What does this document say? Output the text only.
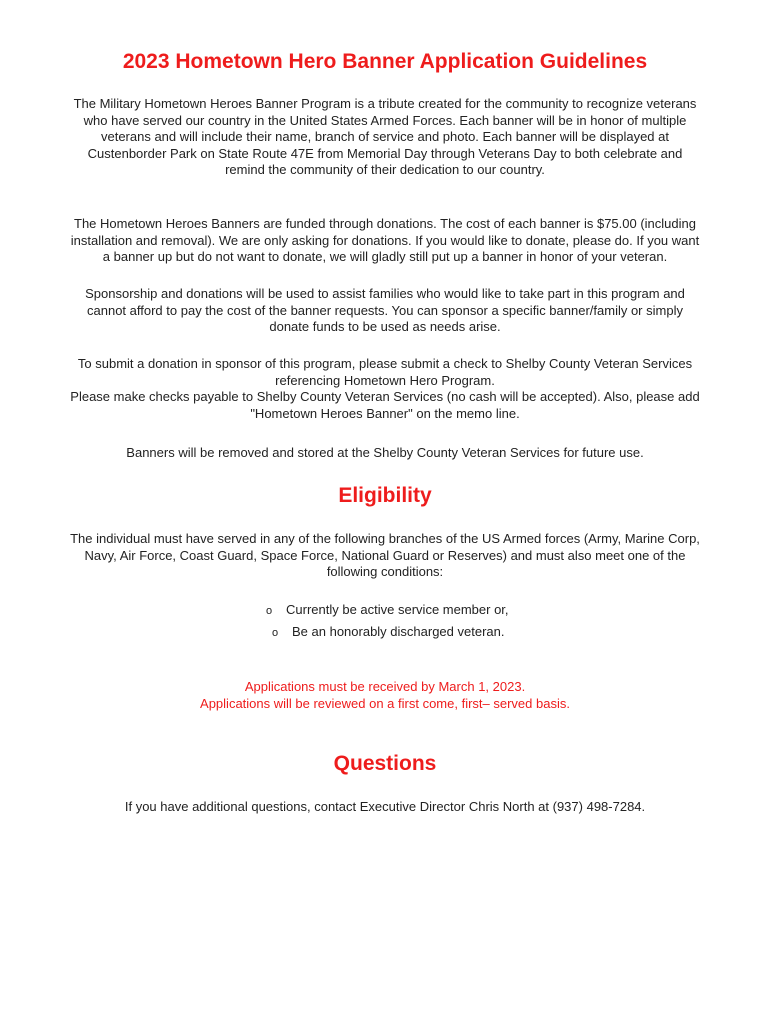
2023 Hometown Hero Banner Application Guidelines
The Military Hometown Heroes Banner Program is a tribute created for the community to recognize veterans
who have served our country in the United States Armed Forces. Each banner will be in honor of multiple
veterans and will include their name, branch of service and photo. Each banner will be displayed at
Custenborder Park on State Route 47E from Memorial Day through Veterans Day to both celebrate and
remind the community of their dedication to our country.
The Hometown Heroes Banners are funded through donations. The cost of each banner is $75.00 (including
installation and removal). We are only asking for donations. If you would like to donate, please do. If you want
a banner up but do not want to donate, we will gladly still put up a banner in honor of your veteran.
Sponsorship and donations will be used to assist families who would like to take part in this program and
cannot afford to pay the cost of the banner requests. You can sponsor a specific banner/family or simply
donate funds to be used as needs arise.
To submit a donation in sponsor of this program, please submit a check to Shelby County Veteran Services
referencing Hometown Hero Program.
Please make checks payable to Shelby County Veteran Services (no cash will be accepted). Also, please add
"Hometown Heroes Banner" on the memo line.
Banners will be removed and stored at the Shelby County Veteran Services for future use.
Eligibility
The individual must have served in any of the following branches of the US Armed forces (Army, Marine Corp,
Navy, Air Force, Coast Guard, Space Force, National Guard or Reserves) and must also meet one of the
following conditions:
o Currently be active service member or,
o Be an honorably discharged veteran.
Applications must be received by March 1, 2023.
Applications will be reviewed on a first come, first– served basis.
Questions
If you have additional questions, contact Executive Director Chris North at (937) 498-7284.
